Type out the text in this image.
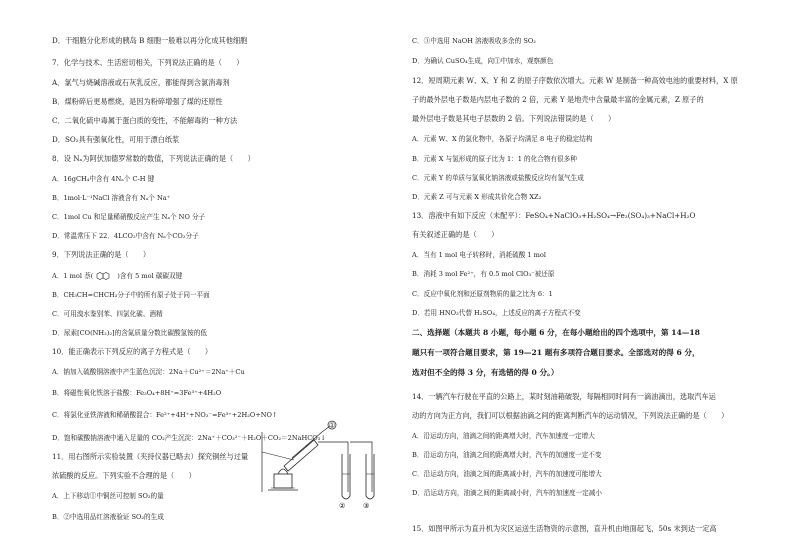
D．干细胞分化形成的胰岛 B 细胞一般难以再分化成其他细胞
7．化学与技术、生活密切相关，下列说法正确的是（　　）
A．氯气与烧碱溶液或石灰乳反应，都能得到含氯消毒剂
B．煤粉碎后更易燃烧，是因为粉碎增强了煤的还原性
C．二氧化硫中毒属于蛋白质的变性，不能解毒的一种方法
D．SO₂具有强氧化性，可用于漂白纸浆
8．设 Nₐ为阿伏加德罗常数的数值，下列说法正确的是（　　）
A．16gCH₄中含有 4Nₐ个 C-H 键
B．1mol·L⁻¹NaCl 溶液含有 Nₐ个 Na⁺
C．1mol Cu 和足量稀硝酸反应产生 Nₐ个 NO 分子
D．常温常压下 22．4LCO₂中含有 Nₐ个CO₂分子
9．下列说法正确的是（　　）
A．1 mol 萘(	)含有 5 mol 碳碳双键
B．CH₃CH=CHCH₃分子中的所有原子处于同一平面
C．可用溴水鉴别苯、四氯化碳、酒精
D．尿素[CO(NH₂)₂]的含氮质量分数比碳酸氢铵的低
10．能正确表示下列反应的离子方程式是（　　）
A．钠加入硫酸铜溶液中产生蓝色沉淀：2Na＋Cu²⁺＝2Na⁺＋Cu
B．将磁性氧化铁溶于盐酸：Fe₃O₄+8H⁺=3Fe³⁺+4H₂O
C．将氯化亚铁溶液和稀硝酸混合：Fe²⁺+4H⁺+NO₃⁻=Fe³⁺+2H₂O+NO↑
D．饱和碳酸钠溶液中通入足量的 CO₂产生沉淀：2Na⁺＋CO₃²⁻＋H₂O＋CO₂＝2NaHCO₃↓
11．用右图所示实验装置（夹持仪器已略去）探究铜丝与过量
浓硫酸的反应。下列实验不合理的是（　　）
A．上下移动①中铜丝可控制 SO₂的量
B．②中选用品红溶液验证 SO₂的生成
①
②	③
C．③中选用 NaOH 溶液吸收多余的 SO₂
D．为确认 CuSO₄生成，向①中加水，观察颜色
12．短周期元素 W、X、Y 和 Z 的原子序数依次增大。元素 W 是制备一种高效电池的重要材料，X 原
子的最外层电子数是内层电子数的 2 倍，元素 Y 是地壳中含量最丰富的金属元素，Z 原子的
最外层电子数是其电子层数的 2 倍。下列说法错误的是（　　）
A．元素 W、X 的氯化物中，各原子均满足 8 电子的稳定结构
B．元素 X 与氢形成的原子比为 1：1 的化合物有很多种
C．元素 Y 的单质与氢氧化钠溶液或盐酸反应均有氢气生成
D．元素 Z 可与元素 X 形成共价化合物 XZ₂
13．溶液中有如下反应（未配平）：FeSO₄+NaClO₃+H₂SO₄→Fe₂(SO₄)₃+NaCl+H₂O
有关叙述正确的是（　　）
A．当有 1 mol 电子转移时，消耗硫酸 1 mol
B．消耗 3 mol Fe²⁺，有 0.5 mol ClO₃⁻被还原
C．反应中氧化剂和还原剂物质的量之比为 6：1
D．若用 HNO₃代替 H₂SO₄，上述反应的离子方程式不变
二、选择题（本题共 8 小题，每小题 6 分，在每小题给出的四个选项中，第 14—18
题只有一项符合题目要求，第 19—21 题有多项符合题目要求。全部选对的得 6 分，
选对但不全的得 3 分，有选错的得 0 分。）
14．一辆汽车行驶在平直的公路上，某时刻油箱破裂，每隔相同时间有一滴油滴出，选取汽车运
动的方向为正方向，我们可以根据油滴之间的距离判断汽车的运动情况，下列说法正确的是（　　）
A．沿运动方向，油滴之间的距离增大时，汽车加速度一定增大
B．沿运动方向，油滴之间的距离增大时，汽车的加速度一定不变
C．沿运动方向，油滴之间的距离减小时，汽车的加速度可能增大
D．沿运动方向，油滴之间的距离减小时，汽车的加速度一定减小
15．如图甲所示为直升机为灾区运送生活物资的示意图，直升机由地面起飞，50s 末到达一定高
